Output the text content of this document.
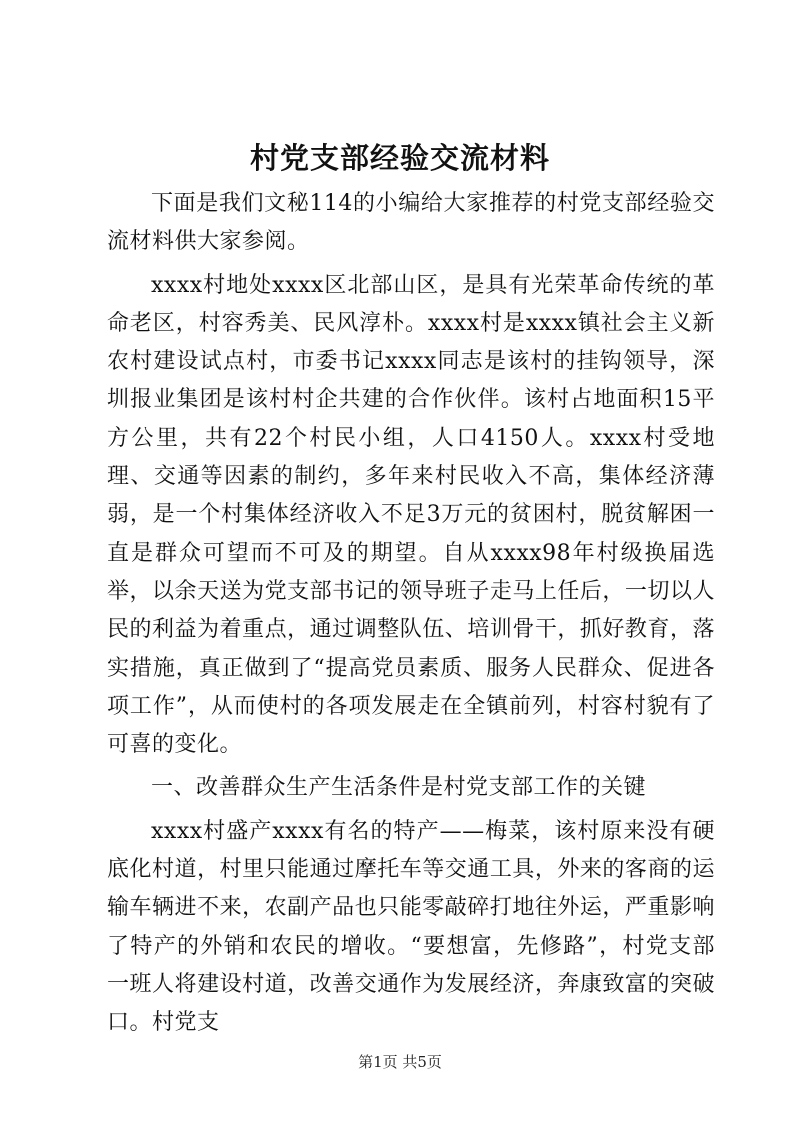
村党支部经验交流材料

下面是我们文秘114的小编给大家推荐的村党支部经验交流材料供大家参阅。

xxxx村地处xxxx区北部山区，是具有光荣革命传统的革命老区，村容秀美、民风淳朴。xxxx村是xxxx镇社会主义新农村建设试点村，市委书记xxxx同志是该村的挂钩领导，深圳报业集团是该村村企共建的合作伙伴。该村占地面积15平方公里，共有22个村民小组，人口4150人。xxxx村受地理、交通等因素的制约，多年来村民收入不高，集体经济薄弱，是一个村集体经济收入不足3万元的贫困村，脱贫解困一直是群众可望而不可及的期望。自从xxxx98年村级换届选举，以余天送为党支部书记的领导班子走马上任后，一切以人民的利益为着重点，通过调整队伍、培训骨干，抓好教育，落实措施，真正做到了“提高党员素质、服务人民群众、促进各项工作”，从而使村的各项发展走在全镇前列，村容村貌有了可喜的变化。

一、改善群众生产生活条件是村党支部工作的关键

xxxx村盛产xxxx有名的特产——梅菜，该村原来没有硬底化村道，村里只能通过摩托车等交通工具，外来的客商的运输车辆进不来，农副产品也只能零敲碎打地往外运，严重影响了特产的外销和农民的增收。“要想富，先修路”，村党支部一班人将建设村道，改善交通作为发展经济，奔康致富的突破口。村党支

第1页 共5页
